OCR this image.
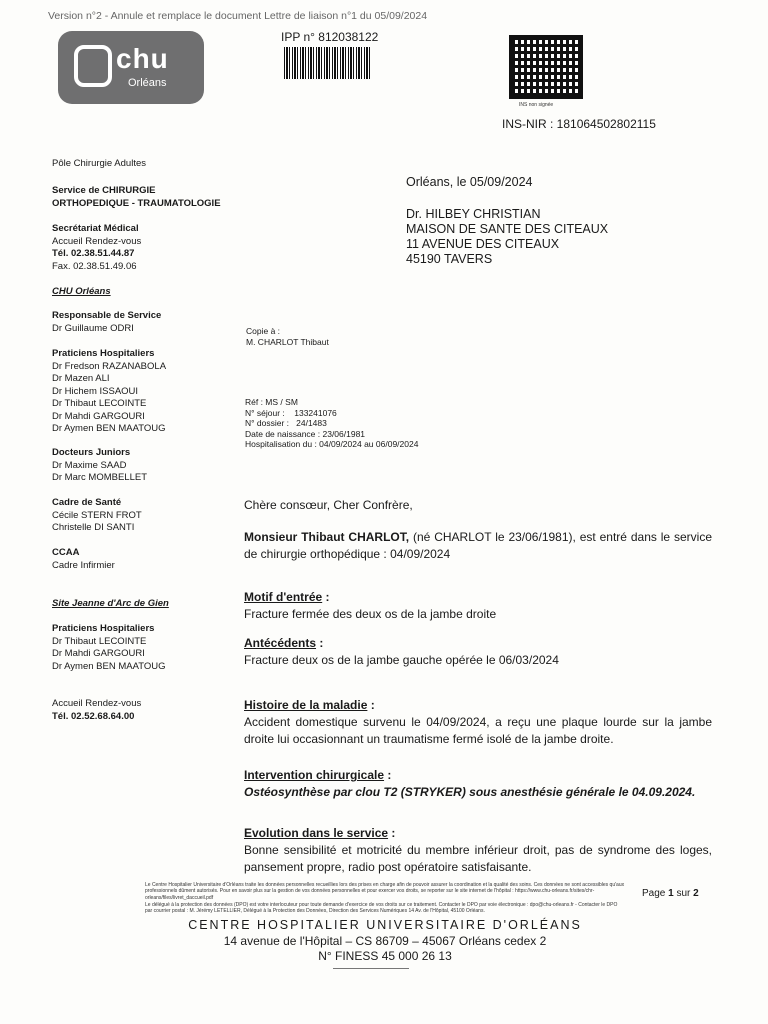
Version n°2 - Annule et remplace le document Lettre de liaison n°1 du 05/09/2024
chu
Orléans
IPP n° 812038122
INS non signée
INS-NIR : 181064502802115
Pôle Chirurgie Adultes
Service de CHIRURGIE
ORTHOPEDIQUE - TRAUMATOLOGIE
Secrétariat Médical
Accueil Rendez-vous
Tél. 02.38.51.44.87
Fax. 02.38.51.49.06
CHU Orléans
Responsable de Service
Dr Guillaume ODRI
Praticiens Hospitaliers
Dr Fredson RAZANABOLA
Dr Mazen ALI
Dr Hichem ISSAOUI
Dr Thibaut LECOINTE
Dr Mahdi GARGOURI
Dr Aymen BEN MAATOUG
Docteurs Juniors
Dr Maxime SAAD
Dr Marc MOMBELLET
Cadre de Santé
Cécile STERN FROT
Christelle DI SANTI
CCAA
Cadre Infirmier
Site Jeanne d'Arc de Gien
Praticiens Hospitaliers
Dr Thibaut LECOINTE
Dr Mahdi GARGOURI
Dr Aymen BEN MAATOUG
Accueil Rendez-vous
Tél. 02.52.68.64.00
Orléans, le 05/09/2024
Dr. HILBEY CHRISTIAN
MAISON DE SANTE DES CITEAUX
11 AVENUE DES CITEAUX
45190 TAVERS
Copie à :
M. CHARLOT Thibaut
Réf : MS / SM
N° séjour : 133241076
N° dossier : 24/1483
Date de naissance : 23/06/1981
Hospitalisation du : 04/09/2024 au 06/09/2024
Chère consœur, Cher Confrère,
Monsieur Thibaut CHARLOT, (né CHARLOT le 23/06/1981), est entré dans le service de chirurgie orthopédique : 04/09/2024
Motif d'entrée :
Fracture fermée des deux os de la jambe droite
Antécédents :
Fracture deux os de la jambe gauche opérée le 06/03/2024
Histoire de la maladie :
Accident domestique survenu le 04/09/2024, a reçu une plaque lourde sur la jambe droite lui occasionnant un traumatisme fermé isolé de la jambe droite.
Intervention chirurgicale :
Ostéosynthèse par clou T2 (STRYKER) sous anesthésie générale le 04.09.2024.
Evolution dans le service :
Bonne sensibilité et motricité du membre inférieur droit, pas de syndrome des loges, pansement propre, radio post opératoire satisfaisante.
Le Centre Hospitalier Universitaire d'Orléans traite les données personnelles recueillies lors des prises en charge afin de pouvoir assurer la coordination et la qualité des soins. Ces données ne sont accessibles qu'aux professionnels dûment autorisés. Pour en savoir plus sur la gestion de vos données personnelles et pour exercer vos droits, se reporter sur le site internet de l'hôpital : https://www.chu-orleans.fr/sites/chr-orleans/files/livret_daccueil.pdf
Le délégué à la protection des données (DPO) est votre interlocuteur pour toute demande d'exercice de vos droits sur ce traitement. Contacter le DPO par voie électronique : dpo@chu-orleans.fr - Contacter le DPO par courrier postal : M. Jérémy LETELLIER, Délégué à la Protection des Données, Direction des Services Numériques 14 Av. de l'Hôpital, 45100 Orléans.
Page 1 sur 2
CENTRE HOSPITALIER UNIVERSITAIRE D'ORLÉANS
14 avenue de l'Hôpital – CS 86709 – 45067 Orléans cedex 2
N° FINESS 45 000 26 13
